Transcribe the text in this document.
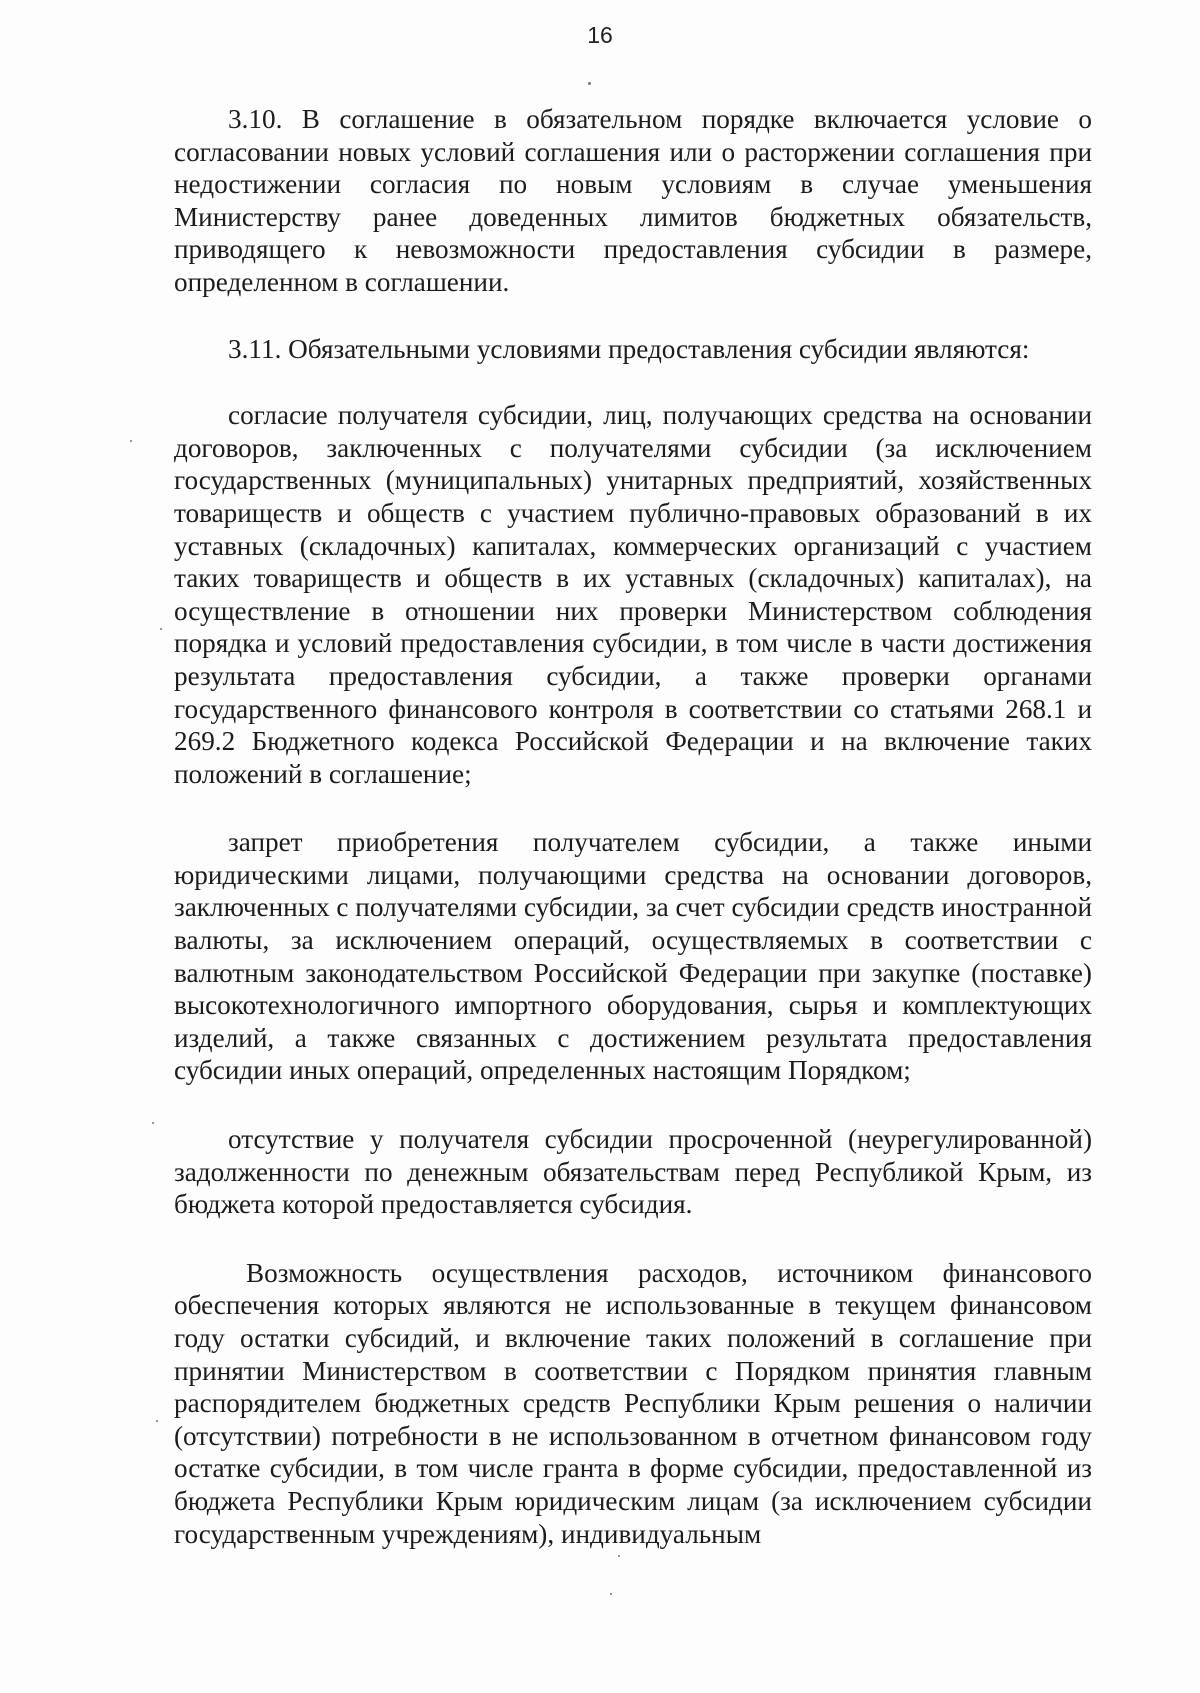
16

3.10. В соглашение в обязательном порядке включается условие о согласовании новых условий соглашения или о расторжении соглашения при недостижении согласия по новым условиям в случае уменьшения Министерству ранее доведенных лимитов бюджетных обязательств, приводящего к невозможности предоставления субсидии в размере, определенном в соглашении.

3.11. Обязательными условиями предоставления субсидии являются:

согласие получателя субсидии, лиц, получающих средства на основании договоров, заключенных с получателями субсидии (за исключением государственных (муниципальных) унитарных предприятий, хозяйственных товариществ и обществ с участием публично-правовых образований в их уставных (складочных) капиталах, коммерческих организаций с участием таких товариществ и обществ в их уставных (складочных) капиталах), на осуществление в отношении них проверки Министерством соблюдения порядка и условий предоставления субсидии, в том числе в части достижения результата предоставления субсидии, а также проверки органами государственного финансового контроля в соответствии со статьями 268.1 и 269.2 Бюджетного кодекса Российской Федерации и на включение таких положений в соглашение;

запрет приобретения получателем субсидии, а также иными юридическими лицами, получающими средства на основании договоров, заключенных с получателями субсидии, за счет субсидии средств иностранной валюты, за исключением операций, осуществляемых в соответствии с валютным законодательством Российской Федерации при закупке (поставке) высокотехнологичного импортного оборудования, сырья и комплектующих изделий, а также связанных с достижением результата предоставления субсидии иных операций, определенных настоящим Порядком;

отсутствие у получателя субсидии просроченной (неурегулированной) задолженности по денежным обязательствам перед Республикой Крым, из бюджета которой предоставляется субсидия.

Возможность осуществления расходов, источником финансового обеспечения которых являются не использованные в текущем финансовом году остатки субсидий, и включение таких положений в соглашение при принятии Министерством в соответствии с Порядком принятия главным распорядителем бюджетных средств Республики Крым решения о наличии (отсутствии) потребности в не использованном в отчетном финансовом году остатке субсидии, в том числе гранта в форме субсидии, предоставленной из бюджета Республики Крым юридическим лицам (за исключением субсидии государственным учреждениям), индивидуальным
